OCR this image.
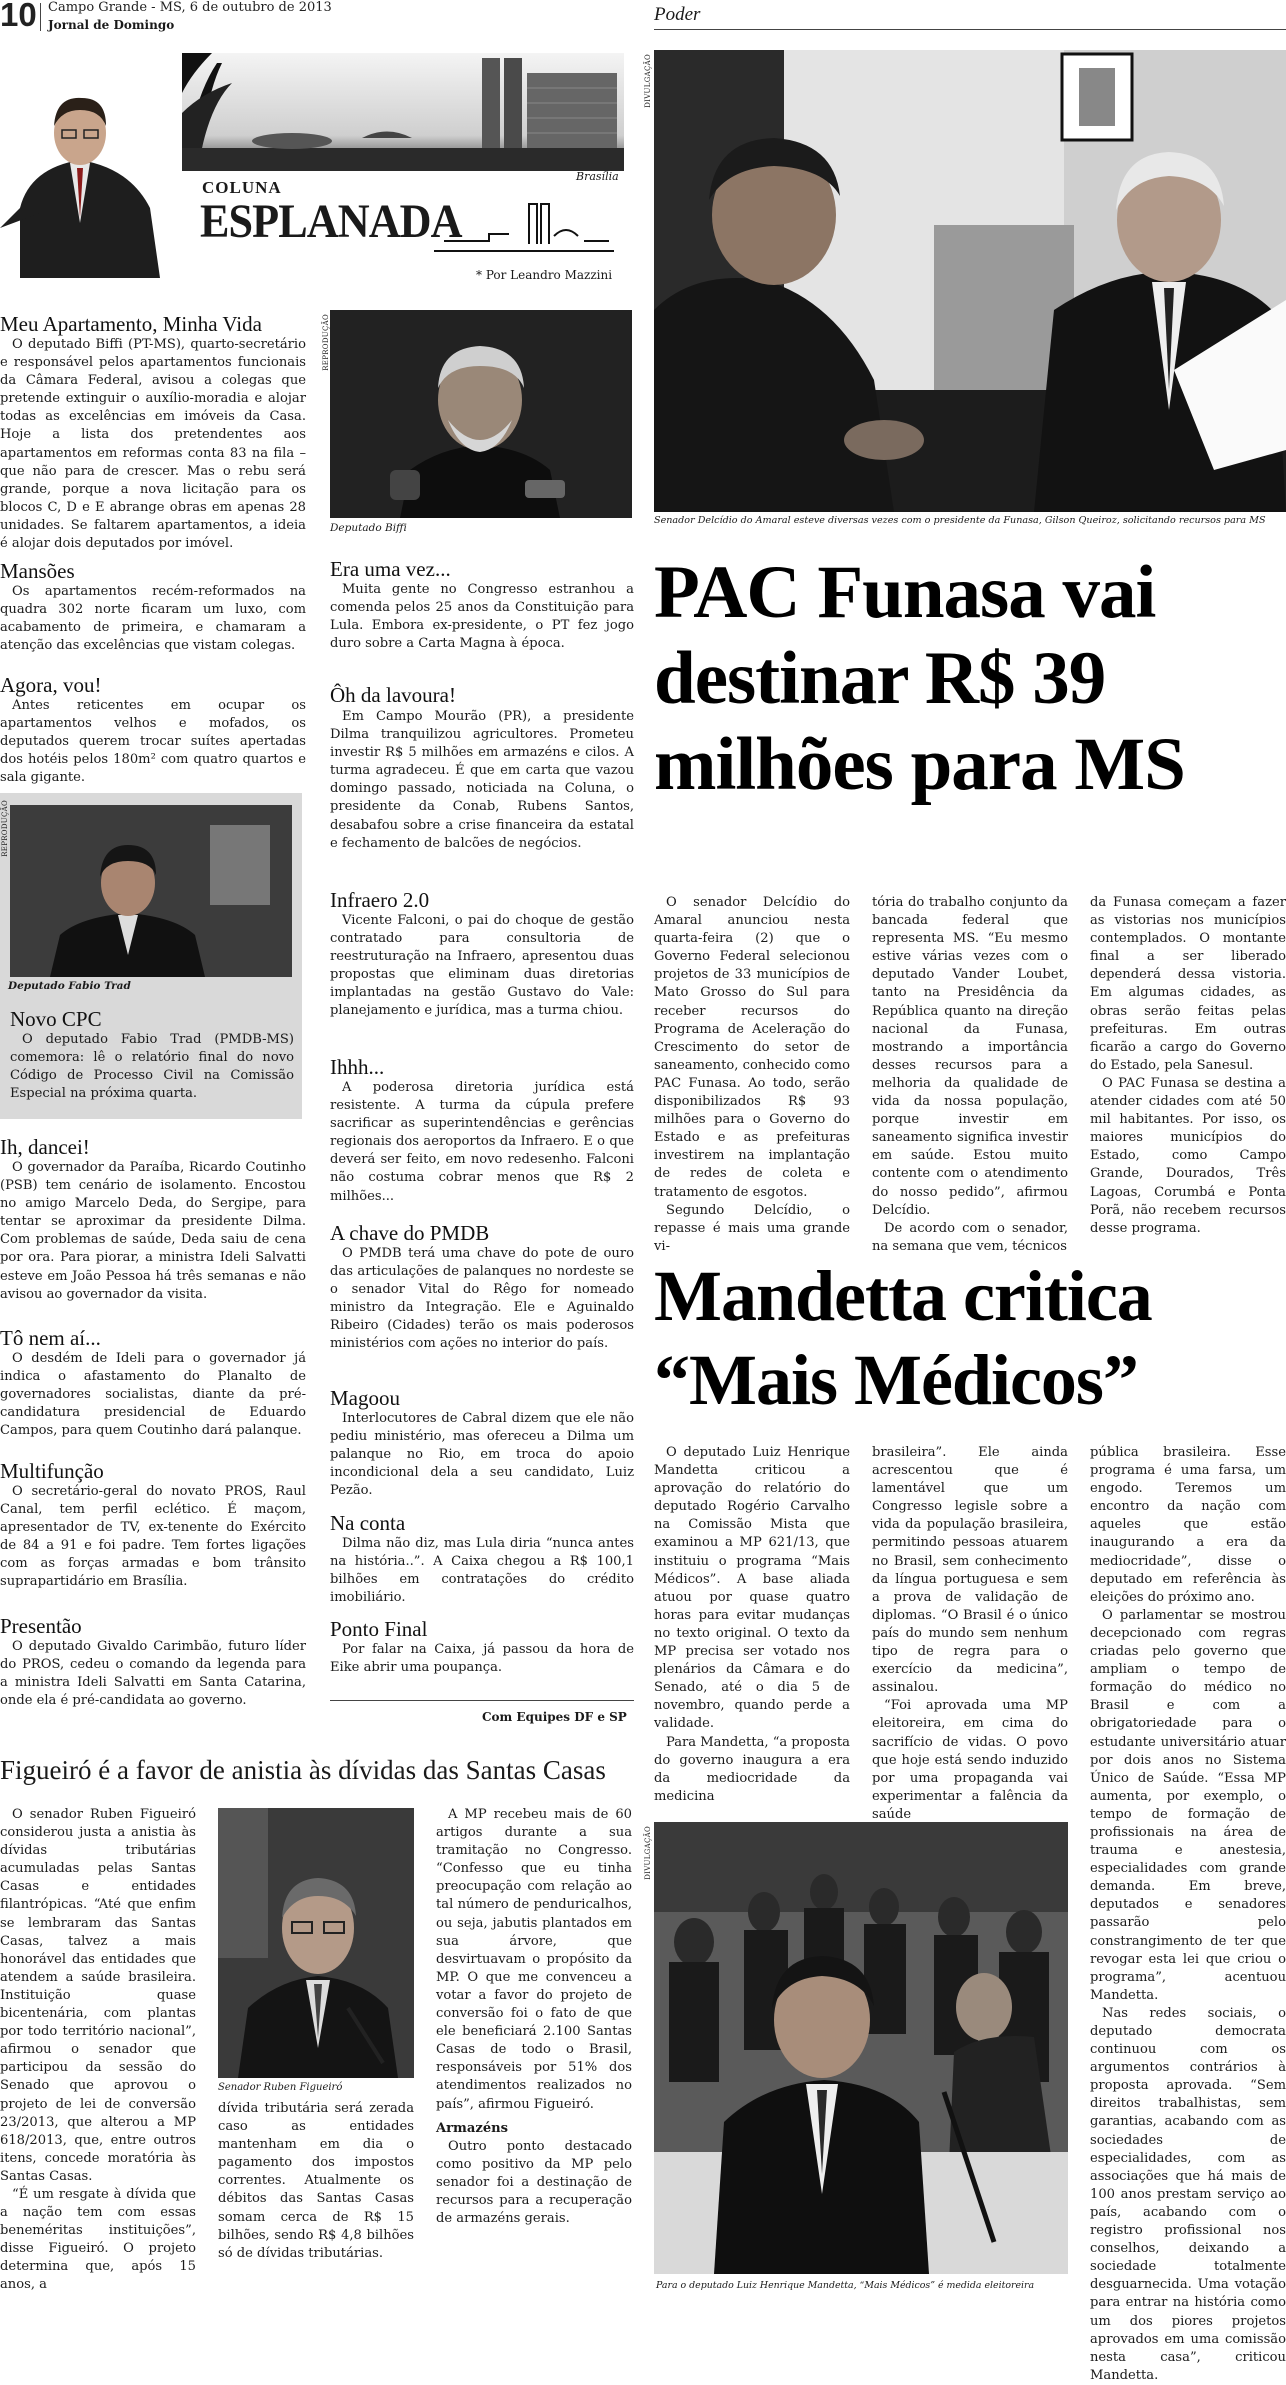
10 Campo Grande - MS, 6 de outubro de 2013
Jornal de Domingo	Poder
COLUNA
Brasília
ESPLANADA
* Por Leandro Mazzini
Meu Apartamento, Minha Vida

O deputado Biffi (PT-MS), quarto-secretário e responsável pelos apartamentos funcionais da Câmara Federal, avisou a colegas que pretende extinguir o auxílio-moradia e alojar todas as excelências em imóveis da Casa. Hoje a lista dos pretendentes aos apartamentos em reformas conta 83 na fila – que não para de crescer. Mas o rebu será grande, porque a nova licitação para os blocos C, D e E abrange obras em apenas 28 unidades. Se faltarem apartamentos, a ideia é alojar dois deputados por imóvel.

Mansões

Os apartamentos recém-reformados na quadra 302 norte ficaram um luxo, com acabamento de primeira, e chamaram a atenção das excelências que vistam colegas.

Agora, vou!

Antes reticentes em ocupar os apartamentos velhos e mofados, os deputados querem trocar suítes apertadas dos hotéis pelos 180m² com quatro quartos e sala gigante.

REPRODUÇÃO
Deputado Fabio Trad
Novo CPC

O deputado Fabio Trad (PMDB-MS) comemora: lê o relatório final do novo Código de Processo Civil na Comissão Especial na próxima quarta.

Ih, dancei!

O governador da Paraíba, Ricardo Coutinho (PSB) tem cenário de isolamento. Encostou no amigo Marcelo Deda, do Sergipe, para tentar se aproximar da presidente Dilma. Com problemas de saúde, Deda saiu de cena por ora. Para piorar, a ministra Ideli Salvatti esteve em João Pessoa há três semanas e não avisou ao governador da visita.

Tô nem aí...

O desdém de Ideli para o governador já indica o afastamento do Planalto de governadores socialistas, diante da pré-candidatura presidencial de Eduardo Campos, para quem Coutinho dará palanque.

Multifunção

O secretário-geral do novato PROS, Raul Canal, tem perfil eclético. É maçom, apresentador de TV, ex-tenente do Exército de 84 a 91 e foi padre. Tem fortes ligações com as forças armadas e bom trânsito suprapartidário em Brasília.

Presentão

O deputado Givaldo Carimbão, futuro líder do PROS, cedeu o comando da legenda para a ministra Ideli Salvatti em Santa Catarina, onde ela é pré-candidata ao governo.

REPRODUÇÃO
Deputado Biffi
Era uma vez...

Muita gente no Congresso estranhou a comenda pelos 25 anos da Constituição para Lula. Embora ex-presidente, o PT fez jogo duro sobre a Carta Magna à época.

Ôh da lavoura!

Em Campo Mourão (PR), a presidente Dilma tranquilizou agricultores. Prometeu investir R$ 5 milhões em armazéns e cilos. A turma agradeceu. É que em carta que vazou domingo passado, noticiada na Coluna, o presidente da Conab, Rubens Santos, desabafou sobre a crise financeira da estatal e fechamento de balcões de negócios.

Infraero 2.0

Vicente Falconi, o pai do choque de gestão contratado para consultoria de reestruturação na Infraero, apresentou duas propostas que eliminam duas diretorias implantadas na gestão Gustavo do Vale: planejamento e jurídica, mas a turma chiou.

Ihhh...

A poderosa diretoria jurídica está resistente. A turma da cúpula prefere sacrificar as superintendências e gerências regionais dos aeroportos da Infraero. E o que deverá ser feito, em novo redesenho. Falconi não costuma cobrar menos que R$ 2 milhões...

A chave do PMDB

O PMDB terá uma chave do pote de ouro das articulações de palanques no nordeste se o senador Vital do Rêgo for nomeado ministro da Integração. Ele e Aguinaldo Ribeiro (Cidades) terão os mais poderosos ministérios com ações no interior do país.

Magoou

Interlocutores de Cabral dizem que ele não pediu ministério, mas ofereceu a Dilma um palanque no Rio, em troca do apoio incondicional dela a seu candidato, Luiz Pezão.

Na conta

Dilma não diz, mas Lula diria “nunca antes na história..”. A Caixa chegou a R$ 100,1 bilhões em contratações do crédito imobiliário.

Ponto Final

Por falar na Caixa, já passou da hora de Eike abrir uma poupança.

Com Equipes DF e SP
Figueiró é a favor de anistia às dívidas das Santas Casas

O senador Ruben Figueiró considerou justa a anistia às dívidas tributárias acumuladas pelas Santas Casas e entidades filantrópicas. “Até que enfim se lembraram das Santas Casas, talvez a mais honorável das entidades que atendem a saúde brasileira. Instituição quase bicentenária, com plantas por todo território nacional”, afirmou o senador que participou da sessão do Senado que aprovou o projeto de lei de conversão 23/2013, que alterou a MP 618/2013, que, entre outros itens, concede moratória às Santas Casas.

“É um resgate à dívida que a nação tem com essas beneméritas instituições”, disse Figueiró. O projeto determina que, após 15 anos, a

Senador Ruben Figueiró

dívida tributária será zerada caso as entidades mantenham em dia o pagamento dos impostos correntes. Atualmente os débitos das Santas Casas somam cerca de R$ 15 bilhões, sendo R$ 4,8 bilhões só de dívidas tributárias.

A MP recebeu mais de 60 artigos durante a sua tramitação no Congresso. “Confesso que eu tinha preocupação com relação ao tal número de penduricalhos, ou seja, jabutis plantados em sua árvore, que desvirtuavam o propósito da MP. O que me convenceu a votar a favor do projeto de conversão foi o fato de que ele beneficiará 2.100 Santas Casas de todo o Brasil, responsáveis por 51% dos atendimentos realizados no país”, afirmou Figueiró.

Armazéns

Outro ponto destacado como positivo da MP pelo senador foi a destinação de recursos para a recuperação de armazéns gerais.

DIVULGAÇÃO
Senador Delcídio do Amaral esteve diversas vezes com o presidente da Funasa, Gilson Queiroz, solicitando recursos para MS
PAC Funasa vai
destinar R$ 39
milhões para MS

O senador Delcídio do Amaral anunciou nesta quarta-feira (2) que o Governo Federal selecionou projetos de 33 municípios de Mato Grosso do Sul para receber recursos do Programa de Aceleração do Crescimento do setor de saneamento, conhecido como PAC Funasa. Ao todo, serão disponibilizados R$ 93 milhões para o Governo do Estado e as prefeituras investirem na implantação de redes de coleta e tratamento de esgotos.

Segundo Delcídio, o repasse é mais uma grande vi-

tória do trabalho conjunto da bancada federal que representa MS. “Eu mesmo estive várias vezes com o deputado Vander Loubet, tanto na Presidência da República quanto na direção nacional da Funasa, mostrando a importância desses recursos para a melhoria da qualidade de vida da nossa população, porque investir em saneamento significa investir em saúde. Estou muito contente com o atendimento do nosso pedido”, afirmou Delcídio.

De acordo com o senador, na semana que vem, técnicos

da Funasa começam a fazer as vistorias nos municípios contemplados. O montante final a ser liberado dependerá dessa vistoria. Em algumas cidades, as obras serão feitas pelas prefeituras. Em outras ficarão a cargo do Governo do Estado, pela Sanesul.

O PAC Funasa se destina a atender cidades com até 50 mil habitantes. Por isso, os maiores municípios do Estado, como Campo Grande, Dourados, Três Lagoas, Corumbá e Ponta Porã, não recebem recursos desse programa.

Mandetta critica
“Mais Médicos”

O deputado Luiz Henrique Mandetta criticou a aprovação do relatório do deputado Rogério Carvalho na Comissão Mista que examinou a MP 621/13, que instituiu o programa “Mais Médicos”. A base aliada atuou por quase quatro horas para evitar mudanças no texto original. O texto da MP precisa ser votado nos plenários da Câmara e do Senado, até o dia 5 de novembro, quando perde a validade.

Para Mandetta, “a proposta do governo inaugura a era da mediocridade da medicina

brasileira”. Ele ainda acrescentou que é lamentável que um Congresso legisle sobre a vida da população brasileira, permitindo pessoas atuarem no Brasil, sem conhecimento da língua portuguesa e sem a prova de validação de diplomas. “O Brasil é o único país do mundo sem nenhum tipo de regra para o exercício da medicina”, assinalou.

“Foi aprovada uma MP eleitoreira, em cima do sacrifício de vidas. O povo que hoje está sendo induzido por uma propaganda vai experimentar a falência da saúde

pública brasileira. Esse programa é uma farsa, um engodo. Teremos um encontro da nação com aqueles que estão inaugurando a era da mediocridade”, disse o deputado em referência às eleições do próximo ano.

O parlamentar se mostrou decepcionado com regras criadas pelo governo que ampliam o tempo de formação do médico no Brasil e com a obrigatoriedade para o estudante universitário atuar por dois anos no Sistema Único de Saúde. “Essa MP aumenta, por exemplo, o tempo de formação de profissionais na área de trauma e anestesia, especialidades com grande demanda. Em breve, deputados e senadores passarão pelo constrangimento de ter que revogar esta lei que criou o programa”, acentuou Mandetta.

Nas redes sociais, o deputado democrata continuou com os argumentos contrários à proposta aprovada. “Sem direitos trabalhistas, sem garantias, acabando com as sociedades de especialidades, com as associações que há mais de 100 anos prestam serviço ao país, acabando com o registro profissional nos conselhos, deixando a sociedade totalmente desguarnecida. Uma votação para entrar na história como um dos piores projetos aprovados em uma comissão nesta casa”, criticou Mandetta.

DIVULGAÇÃO
Para o deputado Luiz Henrique Mandetta, “Mais Médicos” é medida eleitoreira
